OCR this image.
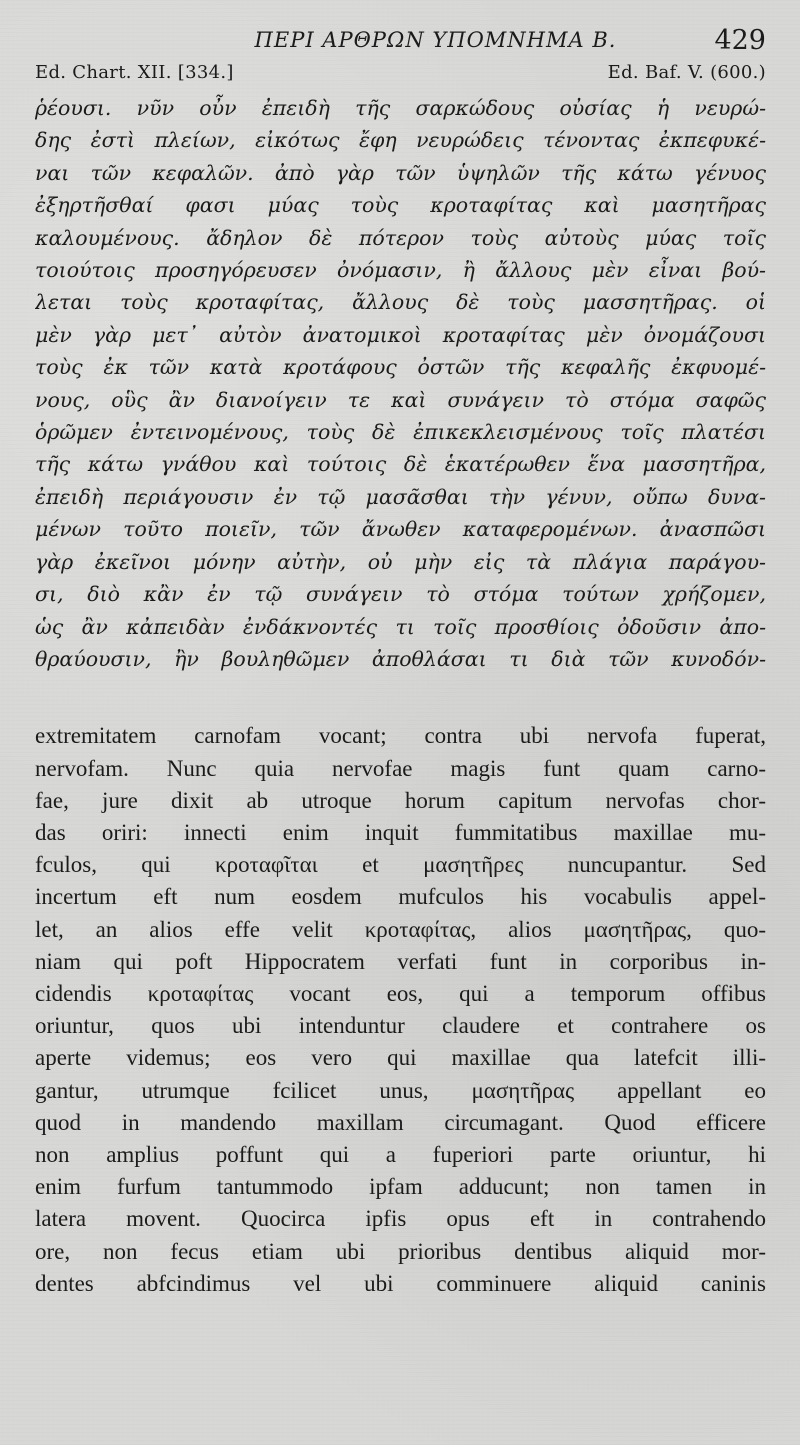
ΠΕΡΙ ΑΡΘΡΩΝ ΥΠΟΜΝΗΜΑ Β.	429
Ed. Chart. XII. [334.]	Ed. Baf. V. (600.)
ῥέουσι. νῦν οὖν ἐπειδὴ τῆς σαρκώδους οὐσίας ἡ νευρώ-
δης ἐστὶ πλείων, εἰκότως ἔφη νευρώδεις τένοντας ἐκπεφυκέ-
ναι τῶν κεφαλῶν. ἀπὸ γὰρ τῶν ὑψηλῶν τῆς κάτω γένυος
ἐξηρτῆσθαί φασι μύας τοὺς κροταφίτας καὶ μασητῆρας
καλουμένους. ἄδηλον δὲ πότερον τοὺς αὐτοὺς μύας τοῖς
τοιούτοις προσηγόρευσεν ὀνόμασιν, ἢ ἄλλους μὲν εἶναι βού-
λεται τοὺς κροταφίτας, ἄλλους δὲ τοὺς μασσητῆρας. οἱ
μὲν γὰρ μετ᾽ αὐτὸν ἀνατομικοὶ κροταφίτας μὲν ὀνομάζουσι
τοὺς ἐκ τῶν κατὰ κροτάφους ὀστῶν τῆς κεφαλῆς ἐκφυομέ-
νους, οὓς ἂν διανοίγειν τε καὶ συνάγειν τὸ στόμα σαφῶς
ὁρῶμεν ἐντεινομένους, τοὺς δὲ ἐπικεκλεισμένους τοῖς πλατέσι
τῆς κάτω γνάθου καὶ τούτοις δὲ ἑκατέρωθεν ἕνα μασσητῆρα,
ἐπειδὴ περιάγουσιν ἐν τῷ μασᾶσθαι τὴν γένυν, οὔπω δυνα-
μένων τοῦτο ποιεῖν, τῶν ἄνωθεν καταφερομένων. ἀνασπῶσι
γὰρ ἐκεῖνοι μόνην αὐτὴν, οὐ μὴν εἰς τὰ πλάγια παράγου-
σι, διὸ κἂν ἐν τῷ συνάγειν τὸ στόμα τούτων χρήζομεν,
ὡς ἂν κἀπειδὰν ἐνδάκνοντές τι τοῖς προσθίοις ὀδοῦσιν ἀπο-
θραύουσιν, ἢν βουληθῶμεν ἀποθλάσαι τι διὰ τῶν κυνοδόν-
extremitatem carnofam vocant; contra ubi nervofa fuperat,
nervofam. Nunc quia nervofae magis funt quam carno-
fae, jure dixit ab utroque horum capitum nervofas chor-
das oriri: innecti enim inquit fummitatibus maxillae mu-
fculos, qui κροταφῖται et μασητῆρες nuncupantur. Sed
incertum eft num eosdem mufculos his vocabulis appel-
let, an alios effe velit κροταφίτας, alios μασητῆρας, quo-
niam qui poft Hippocratem verfati funt in corporibus in-
cidendis κροταφίτας vocant eos, qui a temporum offibus
oriuntur, quos ubi intenduntur claudere et contrahere os
aperte videmus; eos vero qui maxillae qua latefcit illi-
gantur, utrumque fcilicet unus, μασητῆρας appellant eo
quod in mandendo maxillam circumagant. Quod efficere
non amplius poffunt qui a fuperiori parte oriuntur, hi
enim furfum tantummodo ipfam adducunt; non tamen in
latera movent. Quocirca ipfis opus eft in contrahendo
ore, non fecus etiam ubi prioribus dentibus aliquid mor-
dentes abfcindimus vel ubi comminuere aliquid caninis
